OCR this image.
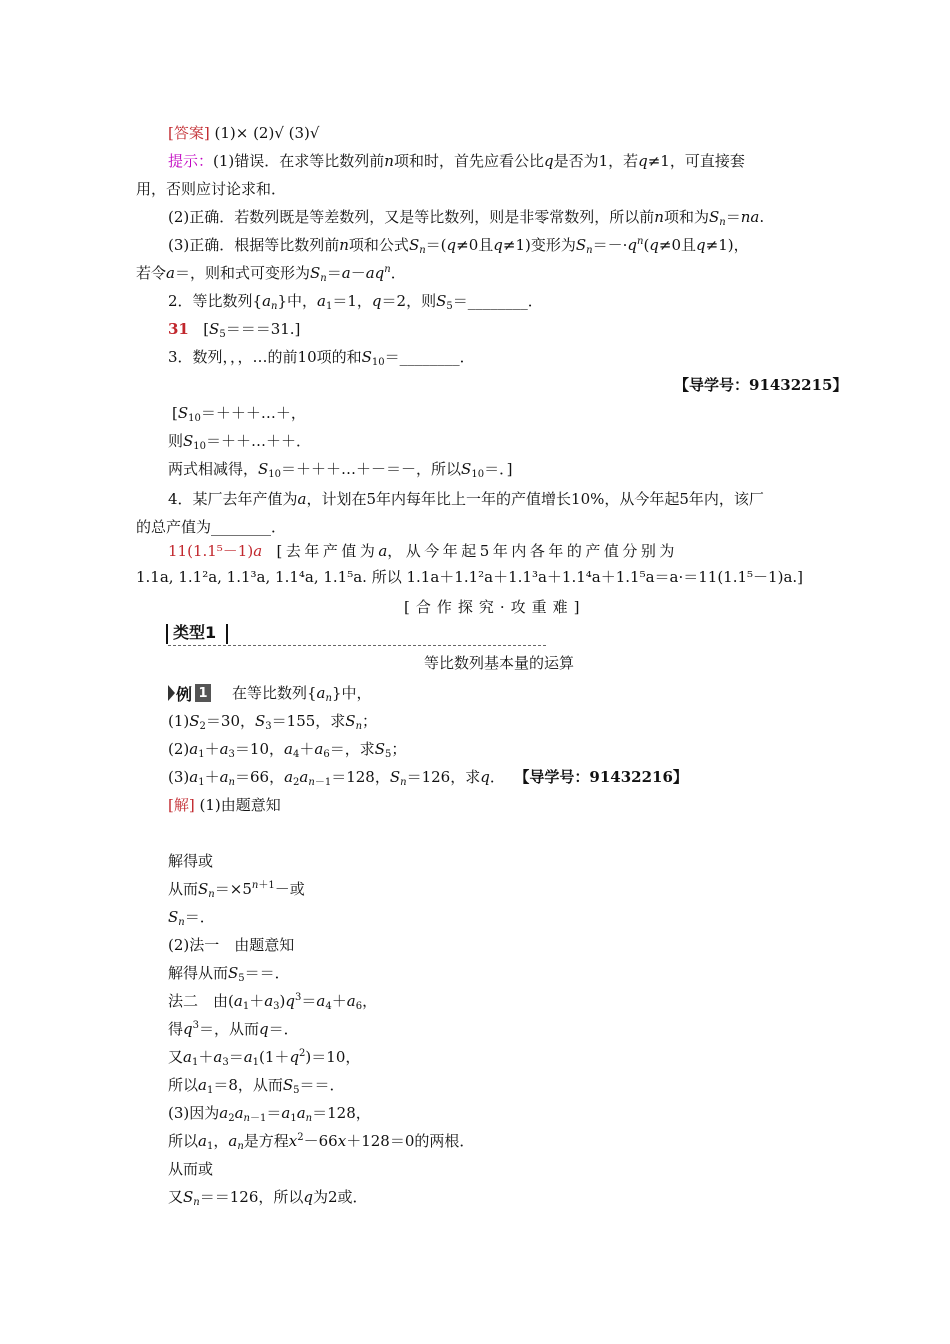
[答案] (1)× (2)√ (3)√
提示：(1)错误．在求等比数列前n项和时，首先应看公比q是否为1，若q≠1，可直接套
用，否则应讨论求和．
(2)正确．若数列既是等差数列，又是等比数列，则是非零常数列，所以前n项和为$S_n=na$.
(3)正确．根据等比数列前n项和公式$S_n=(q\ne 0$且q≠1)变形为$S_n=-\cdot q^n(q\ne 0$且q≠1)，
若令a＝，则和式可变形为$S_n=a-aq^n$．
2．等比数列$\{a_n\}$中，$a_1=1$，q＝2，则$S_5=\_\_\_\_\_\_\_\_$．
31 $[S_5===31.]$
3．数列，，，…的前10项的和$S_{10}=\_\_\_\_\_\_\_\_$．
【导学号：91432215】
[$S_{10}=+++\dots+$，
则$S_{10}=++\dots++$．
两式相减得，$S_{10}=+++\dots+-=-$，所以$S_{10}=$．]
4．某厂去年产值为a，计划在5年内每年比上一年的产值增长10%，从今年起5年内，该厂
的总产值为________．
11(1.1⁵－1)a [去年产值为a，从今年起5年内各年的产值分别为
1.1a, 1.1²a, 1.1³a, 1.1⁴a, 1.1⁵a. 所以 1.1a＋1.1²a＋1.1³a＋1.1⁴a＋1.1⁵a＝a·＝11(1.1⁵－1)a.]
[合作探究·攻重难]
类型1
等比数列基本量的运算
例 1	在等比数列$\{a_n\}$中，
$(1)S_2=30$，$S_3=155$，求$S_n$；
$(2)a_1+a_3=10$，$a_4+a_6=$，求$S_5$；
$(3)a_1+a_n=66$，$a_2a_{n-1}=128$，$S_n=126$，求q． 【导学号：91432216】
[解] (1)由题意知
解得或
从而$S_n=\times 5^{n+1}-$或
$S_n=$．
(2)法一　由题意知
解得从而$S_5==$．
法二　由$(a_1+a_3)q^3=a_4+a_6$，
得$q^3=$，从而q＝．
又$a_1+a_3=a_1(1+q^2)=10$，
所以$a_1=8$，从而$S_5==$．
(3)因为$a_2a_{n-1}=a_1a_n=128$，
所以$a_1$，$a_n$是方程$x^2-66x+128=0$的两根．
从而或
又$S_n==126$，所以q为2或．
